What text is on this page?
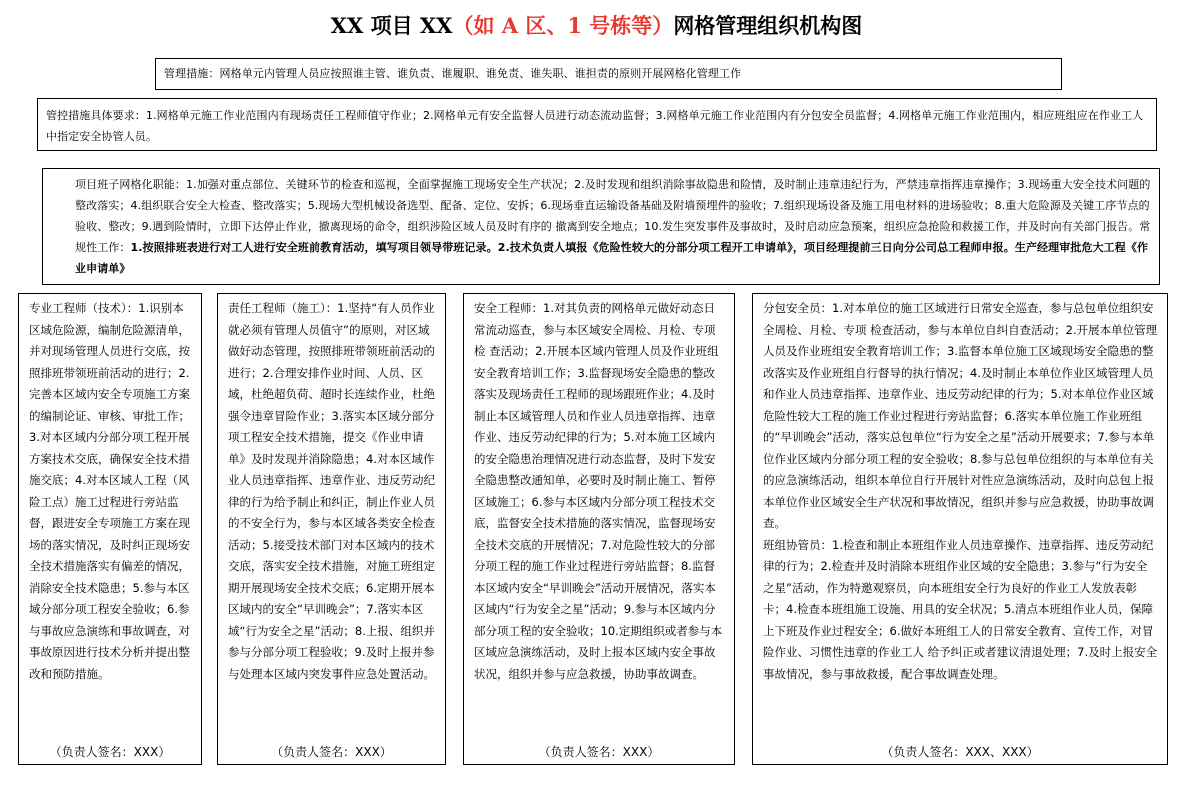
XX 项目 XX（如 A 区、1 号栋等）网格管理组织机构图
管理措施：网格单元内管理人员应按照谁主管、谁负责、谁履职、谁免责、谁失职、谁担责的原则开展网格化管理工作
管控措施具体要求：1.网格单元施工作业范围内有现场责任工程师值守作业；2.网格单元有安全监督人员进行动态流动监督；3.网格单元施工作业范围内有分包安全员监督；4.网格单元施工作业范围内，相应班组应在作业工人中指定安全协管人员。
项目班子网格化职能：1.加强对重点部位、关键环节的检查和巡视，全面掌握施工现场安全生产状况；2.及时发现和组织消除事故隐患和险情，及时制止违章违纪行为，严禁违章指挥违章操作；3.现场重大安全技术问题的整改落实；4.组织联合安全大检查、整改落实；5.现场大型机械设备选型、配备、定位、安拆；6.现场垂直运输设备基础及附墙预埋件的验收；7.组织现场设备及施工用电材料的进场验收；8.重大危险源及关键工序节点的验收、整改；9.遇到险情时，立即下达停止作业，撤离现场的命令，组织涉险区域人员及时有序的 撤离到安全地点；10.发生突发事件及事故时，及时启动应急预案，组织应急抢险和救援工作，并及时向有关部门报告。常规性工作：1.按照排班表进行对工人进行安全班前教育活动，填写项目领导带班记录。2.技术负责人填报《危险性较大的分部分项工程开工申请单》，项目经理提前三日向分公司总工程师申报。生产经理审批危大工程《作业申请单》

专业工程师（技术）：1.识别本区域危险源，编制危险源清单，并对现场管理人员进行交底，按照排班带领班前活动的进行；2.完善本区域内安全专项施工方案的编制论证、审核、审批工作；3.对本区域内分部分项工程开展方案技术交底，确保安全技术措施交底；4.对本区域人工程（风险工点）施工过程进行旁站监督，跟进安全专项施工方案在现场的落实情况，及时纠正现场安全技术措施落实有偏差的情况，消除安全技术隐患；5.参与本区域分部分项工程安全验收；6.参与事故应急演练和事故调查，对事故原因进行技术分析并提出整改和预防措施。

（负责人签名：XXX）

责任工程师（施工）：1.坚持“有人员作业就必须有管理人员值守”的原则，对区域做好动态管理，按照排班带领班前活动的进行；2.合理安排作业时间、人员、区域，杜绝超负荷、超时长连续作业，杜绝强令违章冒险作业；3.落实本区域分部分项工程安全技术措施，提交《作业申请单》及时发现并消除隐患；4.对本区域作业人员违章指挥、违章作业、违反劳动纪律的行为给予制止和纠正，制止作业人员的不安全行为，参与本区域各类安全检查活动；5.接受技术部门对本区域内的技术交底，落实安全技术措施，对施工班组定期开展现场安全技术交底；6.定期开展本区域内的安全“早训晚会”；7.落实本区域“行为安全之星”活动；8.上报、组织并参与分部分项工程验收；9.及时上报并参与处理本区域内突发事件应急处置活动。

（负责人签名：XXX）

安全工程师：1.对其负责的网格单元做好动态日常流动巡查，参与本区域安全周检、月检、专项检 查活动；2.开展本区域内管理人员及作业班组安全教育培训工作；3.监督现场安全隐患的整改落实及现场责任工程师的现场跟班作业；4.及时制止本区域管理人员和作业人员违章指挥、违章作业、违反劳动纪律的行为；5.对本施工区域内的安全隐患治理情况进行动态监督，及时下发安全隐患整改通知单，必要时及时制止施工、暂停区域施工；6.参与本区域内分部分项工程技术交底，监督安全技术措施的落实情况，监督现场安全技术交底的开展情况；7.对危险性较大的分部分项工程的施工作业过程进行旁站监督；8.监督本区域内安全“早训晚会”活动开展情况，落实本区域内“行为安全之星”活动；9.参与本区域内分部分项工程的安全验收；10.定期组织或者参与本区域应急演练活动，及时上报本区域内安全事故状况，组织并参与应急救援，协助事故调查。

（负责人签名：XXX）

分包安全员：1.对本单位的施工区域进行日常安全巡查，参与总包单位组织安全周检、月检、专项 检查活动，参与本单位自纠自查活动；2.开展本单位管理人员及作业班组安全教育培训工作；3.监督本单位施工区域现场安全隐患的整改落实及作业班组自行督导的执行情况；4.及时制止本单位作业区域管理人员和作业人员违章指挥、违章作业、违反劳动纪律的行为；5.对本单位作业区域危险性较大工程的施工作业过程进行旁站监督；6.落实本单位施工作业班组的“早训晚会”活动，落实总包单位“行为安全之星”活动开展要求；7.参与本单位作业区域内分部分项工程的安全验收；8.参与总包单位组织的与本单位有关的应急演练活动，组织本单位自行开展针对性应急演练活动，及时向总包上报本单位作业区域安全生产状况和事故情况，组织并参与应急救援，协助事故调查。

班组协管员：1.检查和制止本班组作业人员违章操作、违章指挥、违反劳动纪律的行为；2.检查并及时消除本班组作业区域的安全隐患；3.参与“行为安全之星”活动，作为特邀观察员，向本班组安全行为良好的作业工人发放表彰卡；4.检查本班组施工设施、用具的安全状况；5.清点本班组作业人员，保障上下班及作业过程安全；6.做好本班组工人的日常安全教育、宣传工作，对冒险作业、习惯性违章的作业工人 给予纠正或者建议清退处理；7.及时上报安全事故情况，参与事故救援，配合事故调查处理。

（负责人签名：XXX、XXX）
